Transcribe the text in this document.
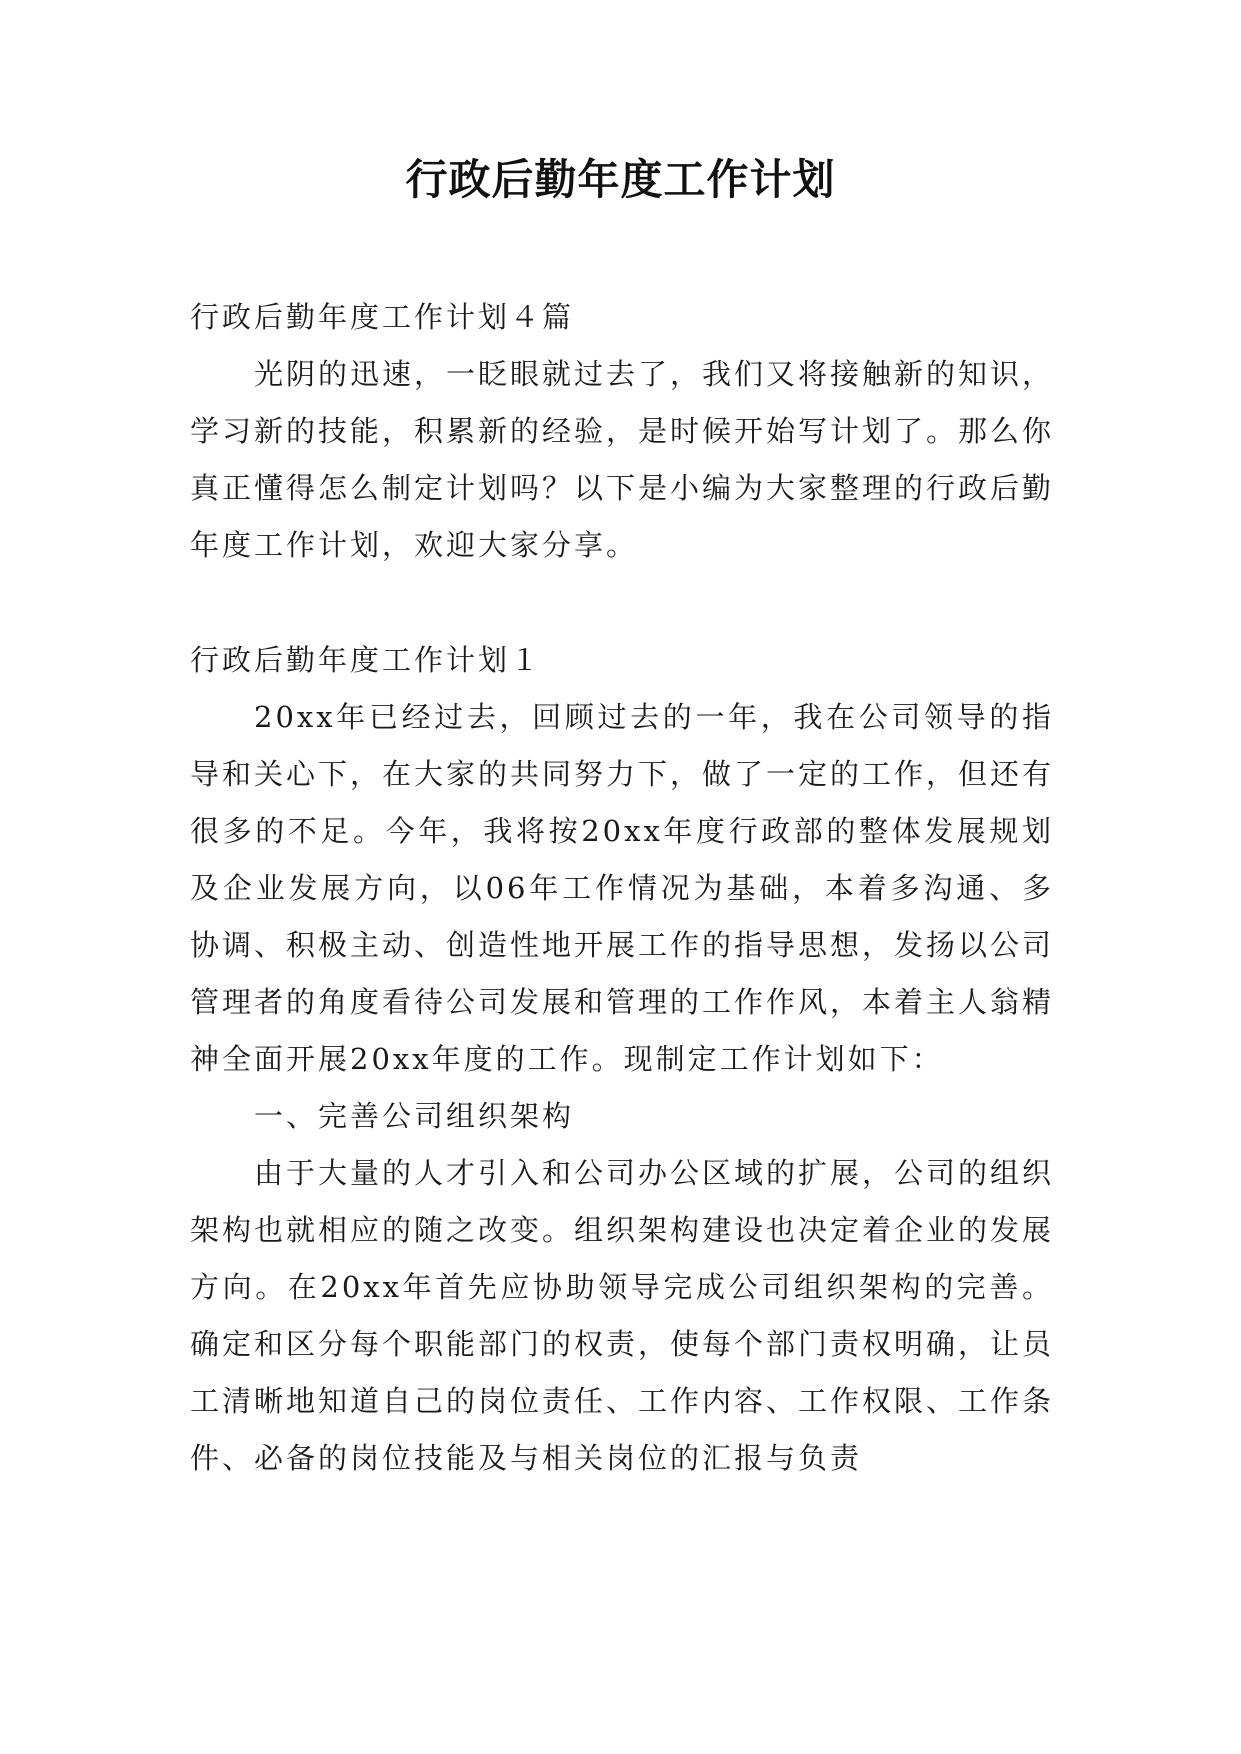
行政后勤年度工作计划

行政后勤年度工作计划４篇

光阴的迅速，一眨眼就过去了，我们又将接触新的知识，学习新的技能，积累新的经验，是时候开始写计划了。那么你真正懂得怎么制定计划吗？以下是小编为大家整理的行政后勤年度工作计划，欢迎大家分享。

行政后勤年度工作计划１

20xx年已经过去，回顾过去的一年，我在公司领导的指导和关心下，在大家的共同努力下，做了一定的工作，但还有很多的不足。今年，我将按20xx年度行政部的整体发展规划及企业发展方向，以06年工作情况为基础，本着多沟通、多协调、积极主动、创造性地开展工作的指导思想，发扬以公司管理者的角度看待公司发展和管理的工作作风，本着主人翁精神全面开展20xx年度的工作。现制定工作计划如下：

一、完善公司组织架构

由于大量的人才引入和公司办公区域的扩展，公司的组织架构也就相应的随之改变。组织架构建设也决定着企业的发展方向。在20xx年首先应协助领导完成公司组织架构的完善。确定和区分每个职能部门的权责，使每个部门责权明确，让员工清晰地知道自己的岗位责任、工作内容、工作权限、工作条件、必备的岗位技能及与相关岗位的汇报与负责
